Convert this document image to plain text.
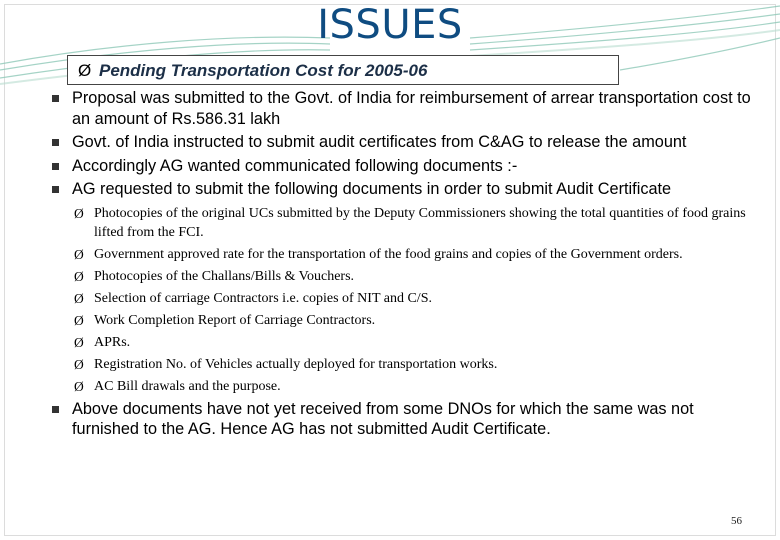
ISSUES
Ø Pending Transportation Cost for 2005-06
Proposal was submitted to the Govt. of India for reimbursement of arrear transportation cost to an amount of Rs.586.31 lakh
Govt. of India instructed to submit audit certificates from C&AG to release the amount
Accordingly AG wanted communicated following documents :-
AG requested to submit the following documents in order to submit Audit Certificate
Ø Photocopies of the original UCs submitted by the Deputy Commissioners showing the total quantities of food grains lifted from the FCI.
Ø Government approved rate for the transportation of the food grains and copies of the Government orders.
Ø Photocopies of the Challans/Bills & Vouchers.
Ø Selection of carriage Contractors i.e. copies of NIT and C/S.
Ø Work Completion Report of Carriage Contractors.
Ø APRs.
Ø Registration No. of Vehicles actually deployed for transportation works.
Ø AC Bill drawals and the purpose.
Above documents have not yet received from some DNOs for which the same was not furnished to the AG. Hence AG has not submitted Audit Certificate.
56
